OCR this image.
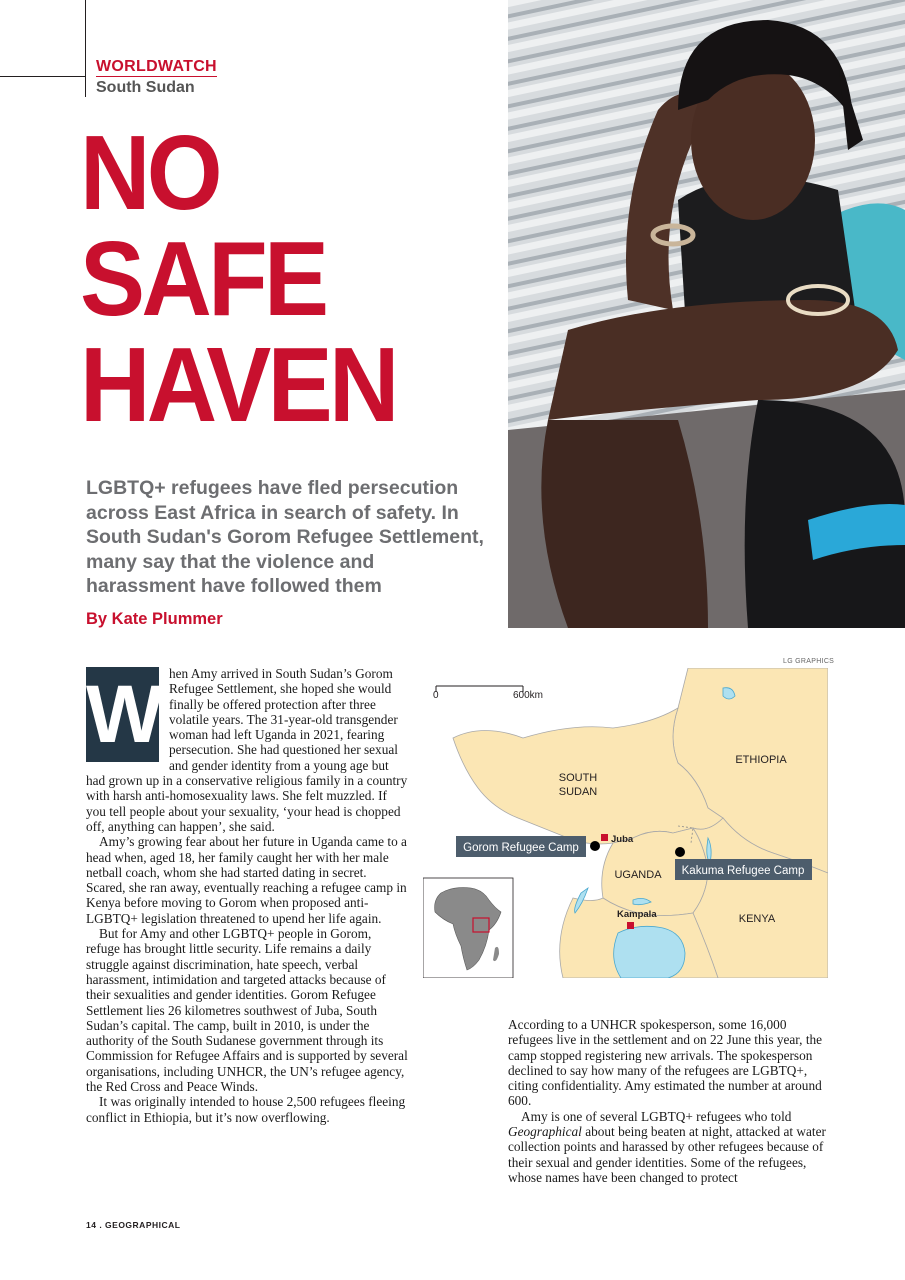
WORLDWATCH
South Sudan
NO
SAFE
HAVEN
LGBTQ+ refugees have fled persecution across East Africa in search of safety. In South Sudan's Gorom Refugee Settlement, many say that the violence and harassment have followed them
By Kate Plummer
LG GRAPHICS
0	600km
SOUTH
SUDAN
ETHIOPIA
UGANDA
KENYA
Juba
Kampala
Gorom Refugee Camp
Kakuma Refugee Camp
W hen Amy arrived in South Sudan’s Gorom Refugee Settlement, she hoped she would finally be offered protection after three volatile years. The 31-year-old transgender woman had left Uganda in 2021, fearing persecution. She had questioned her sexual and gender identity from a young age but had grown up in a conservative religious family in a country with harsh anti-homosexuality laws. She felt muzzled. If you tell people about your sexuality, ‘your head is chopped off, anything can happen’, she said.

Amy’s growing fear about her future in Uganda came to a head when, aged 18, her family caught her with her male netball coach, whom she had started dating in secret. Scared, she ran away, eventually reaching a refugee camp in Kenya before moving to Gorom when proposed anti-LGBTQ+ legislation threatened to upend her life again.

But for Amy and other LGBTQ+ people in Gorom, refuge has brought little security. Life remains a daily struggle against discrimination, hate speech, verbal harassment, intimidation and targeted attacks because of their sexualities and gender identities. Gorom Refugee Settlement lies 26 kilometres southwest of Juba, South Sudan’s capital. The camp, built in 2010, is under the authority of the South Sudanese government through its Commission for Refugee Affairs and is supported by several organisations, including UNHCR, the UN’s refugee agency, the Red Cross and Peace Winds.

It was originally intended to house 2,500 refugees fleeing conflict in Ethiopia, but it’s now overflowing.

According to a UNHCR spokesperson, some 16,000 refugees live in the settlement and on 22 June this year, the camp stopped registering new arrivals. The spokesperson declined to say how many of the refugees are LGBTQ+, citing confidentiality. Amy estimated the number at around 600.

Amy is one of several LGBTQ+ refugees who told Geographical about being beaten at night, attacked at water collection points and harassed by other refugees because of their sexual and gender identities. Some of the refugees, whose names have been changed to protect

14 . GEOGRAPHICAL
